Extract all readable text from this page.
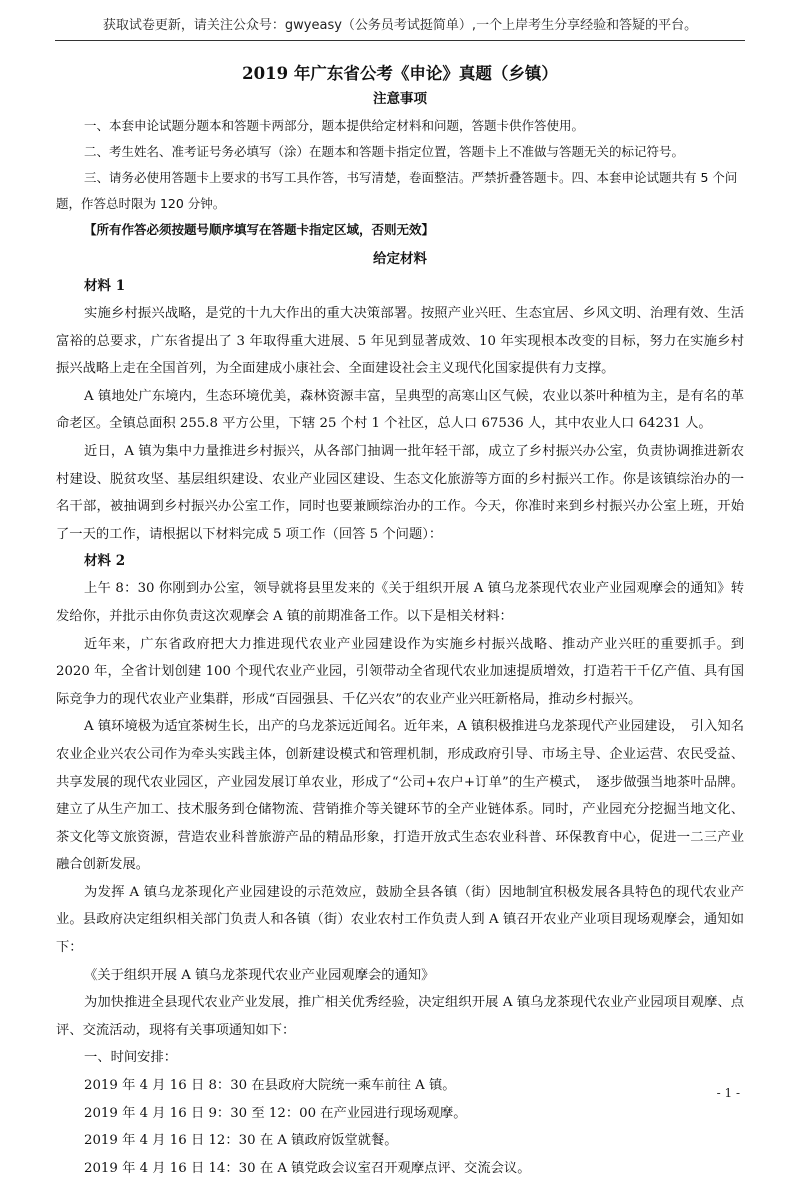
获取试卷更新，请关注公众号：gwyeasy（公务员考试挺简单）,一个上岸考生分享经验和答疑的平台。
2019 年广东省公考《申论》真题（乡镇）

注意事项

一、本套申论试题分题本和答题卡两部分，题本提供给定材料和问题，答题卡供作答使用。

二、考生姓名、准考证号务必填写（涂）在题本和答题卡指定位置，答题卡上不准做与答题无关的标记符号。

三、请务必使用答题卡上要求的书写工具作答，书写清楚，卷面整洁。严禁折叠答题卡。四、本套申论试题共有 5 个问题，作答总时限为 120 分钟。

【所有作答必须按题号顺序填写在答题卡指定区域，否则无效】

给定材料

材料 1

实施乡村振兴战略，是党的十九大作出的重大决策部署。按照产业兴旺、生态宜居、乡风文明、治理有效、生活富裕的总要求，广东省提出了 3 年取得重大进展、5 年见到显著成效、10 年实现根本改变的目标，努力在实施乡村振兴战略上走在全国首列，为全面建成小康社会、全面建设社会主义现代化国家提供有力支撑。

A 镇地处广东境内，生态环境优美，森林资源丰富，呈典型的高寒山区气候，农业以茶叶种植为主，是有名的革命老区。全镇总面积 255.8 平方公里，下辖 25 个村 1 个社区，总人口 67536 人，其中农业人口 64231 人。

近日，A 镇为集中力量推进乡村振兴，从各部门抽调一批年轻干部，成立了乡村振兴办公室，负责协调推进新农村建设、脱贫攻坚、基层组织建设、农业产业园区建设、生态文化旅游等方面的乡村振兴工作。你是该镇综治办的一名干部，被抽调到乡村振兴办公室工作，同时也要兼顾综治办的工作。今天，你准时来到乡村振兴办公室上班，开始了一天的工作，请根据以下材料完成 5 项工作（回答 5 个问题）：

材料 2

上午 8：30 你刚到办公室，领导就将县里发来的《关于组织开展 A 镇乌龙茶现代农业产业园观摩会的通知》转发给你，并批示由你负责这次观摩会 A 镇的前期准备工作。以下是相关材料：

近年来，广东省政府把大力推进现代农业产业园建设作为实施乡村振兴战略、推动产业兴旺的重要抓手。到 2020 年，全省计划创建 100 个现代农业产业园，引领带动全省现代农业加速提质增效，打造若干千亿产值、具有国际竞争力的现代农业产业集群，形成“百园强县、千亿兴农”的农业产业兴旺新格局，推动乡村振兴。

A 镇环境极为适宜茶树生长，出产的乌龙茶远近闻名。近年来，A 镇积极推进乌龙茶现代产业园建设，　引入知名农业企业兴农公司作为牵头实践主体，创新建设模式和管理机制，形成政府引导、市场主导、企业运营、农民受益、共享发展的现代农业园区，产业园发展订单农业，形成了“公司+农户+订单”的生产模式，　逐步做强当地茶叶品牌。建立了从生产加工、技术服务到仓储物流、营销推介等关键环节的全产业链体系。同时，产业园充分挖掘当地文化、茶文化等文旅资源，营造农业科普旅游产品的精品形象，打造开放式生态农业科普、环保教育中心，促进一二三产业融合创新发展。

为发挥 A 镇乌龙茶现化产业园建设的示范效应，鼓励全县各镇（街）因地制宜积极发展各具特色的现代农业产业。县政府决定组织相关部门负责人和各镇（街）农业农村工作负责人到 A 镇召开农业产业项目现场观摩会，通知如下：

《关于组织开展 A 镇乌龙茶现代农业产业园观摩会的通知》

为加快推进全县现代农业产业发展，推广相关优秀经验，决定组织开展 A 镇乌龙茶现代农业产业园项目观摩、点评、交流活动，现将有关事项通知如下：

一、时间安排：

2019 年 4 月 16 日 8：30 在县政府大院统一乘车前往 A 镇。

2019 年 4 月 16 日 9：30 至 12：00 在产业园进行现场观摩。

2019 年 4 月 16 日 12：30 在 A 镇政府饭堂就餐。

2019 年 4 月 16 日 14：30 在 A 镇党政会议室召开观摩点评、交流会议。

- 1 -
